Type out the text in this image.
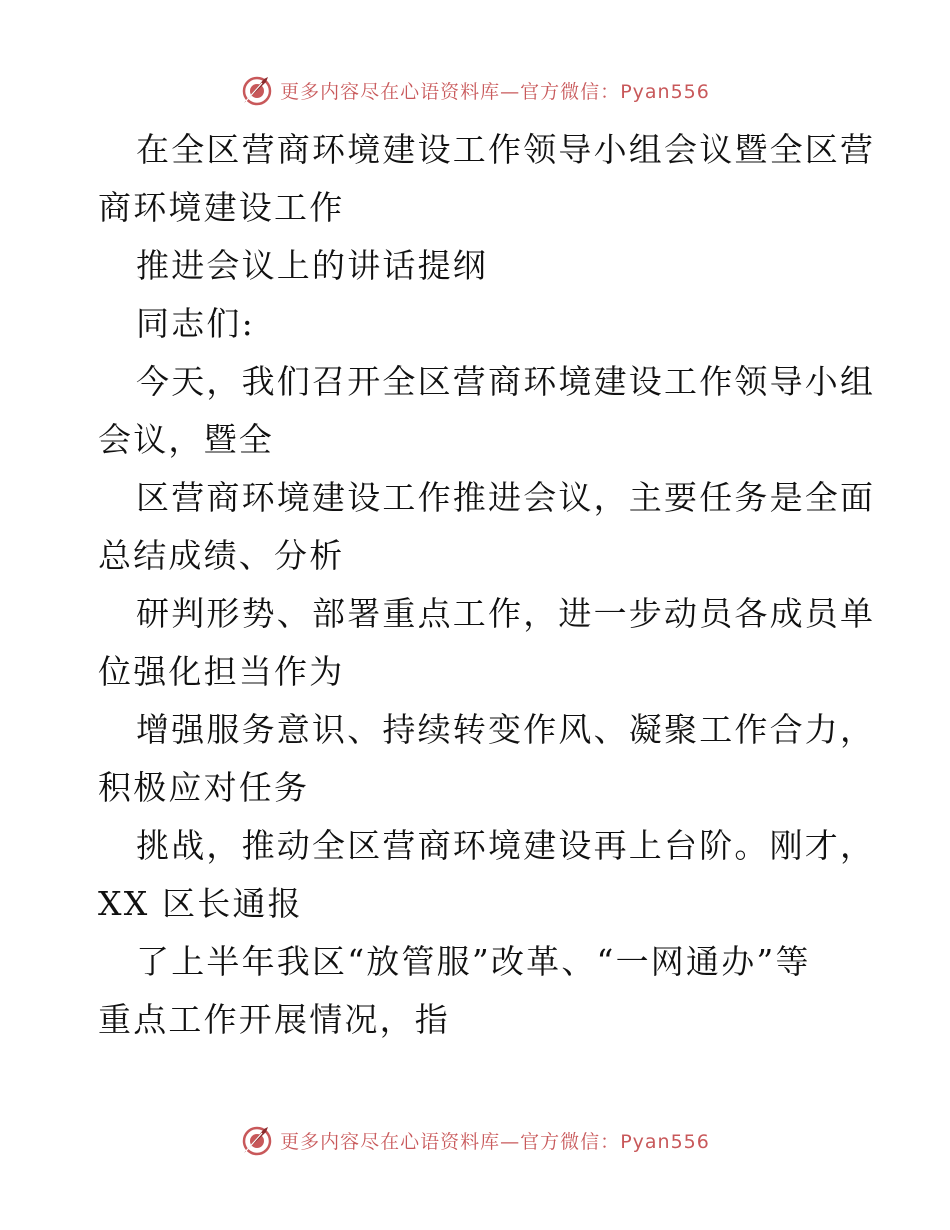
更多内容尽在心语资料库—官方微信：Pyan556
在全区营商环境建设工作领导小组会议暨全区营
商环境建设工作
推进会议上的讲话提纲
同志们:
今天，我们召开全区营商环境建设工作领导小组
会议，暨全
区营商环境建设工作推进会议，主要任务是全面
总结成绩、分析
研判形势、部署重点工作，进一步动员各成员单
位强化担当作为
增强服务意识、持续转变作风、凝聚工作合力，
积极应对任务
挑战，推动全区营商环境建设再上台阶。刚才，
XX 区长通报
了上半年我区“放管服”改革、“一网通办”等
重点工作开展情况，指
更多内容尽在心语资料库—官方微信：Pyan556
